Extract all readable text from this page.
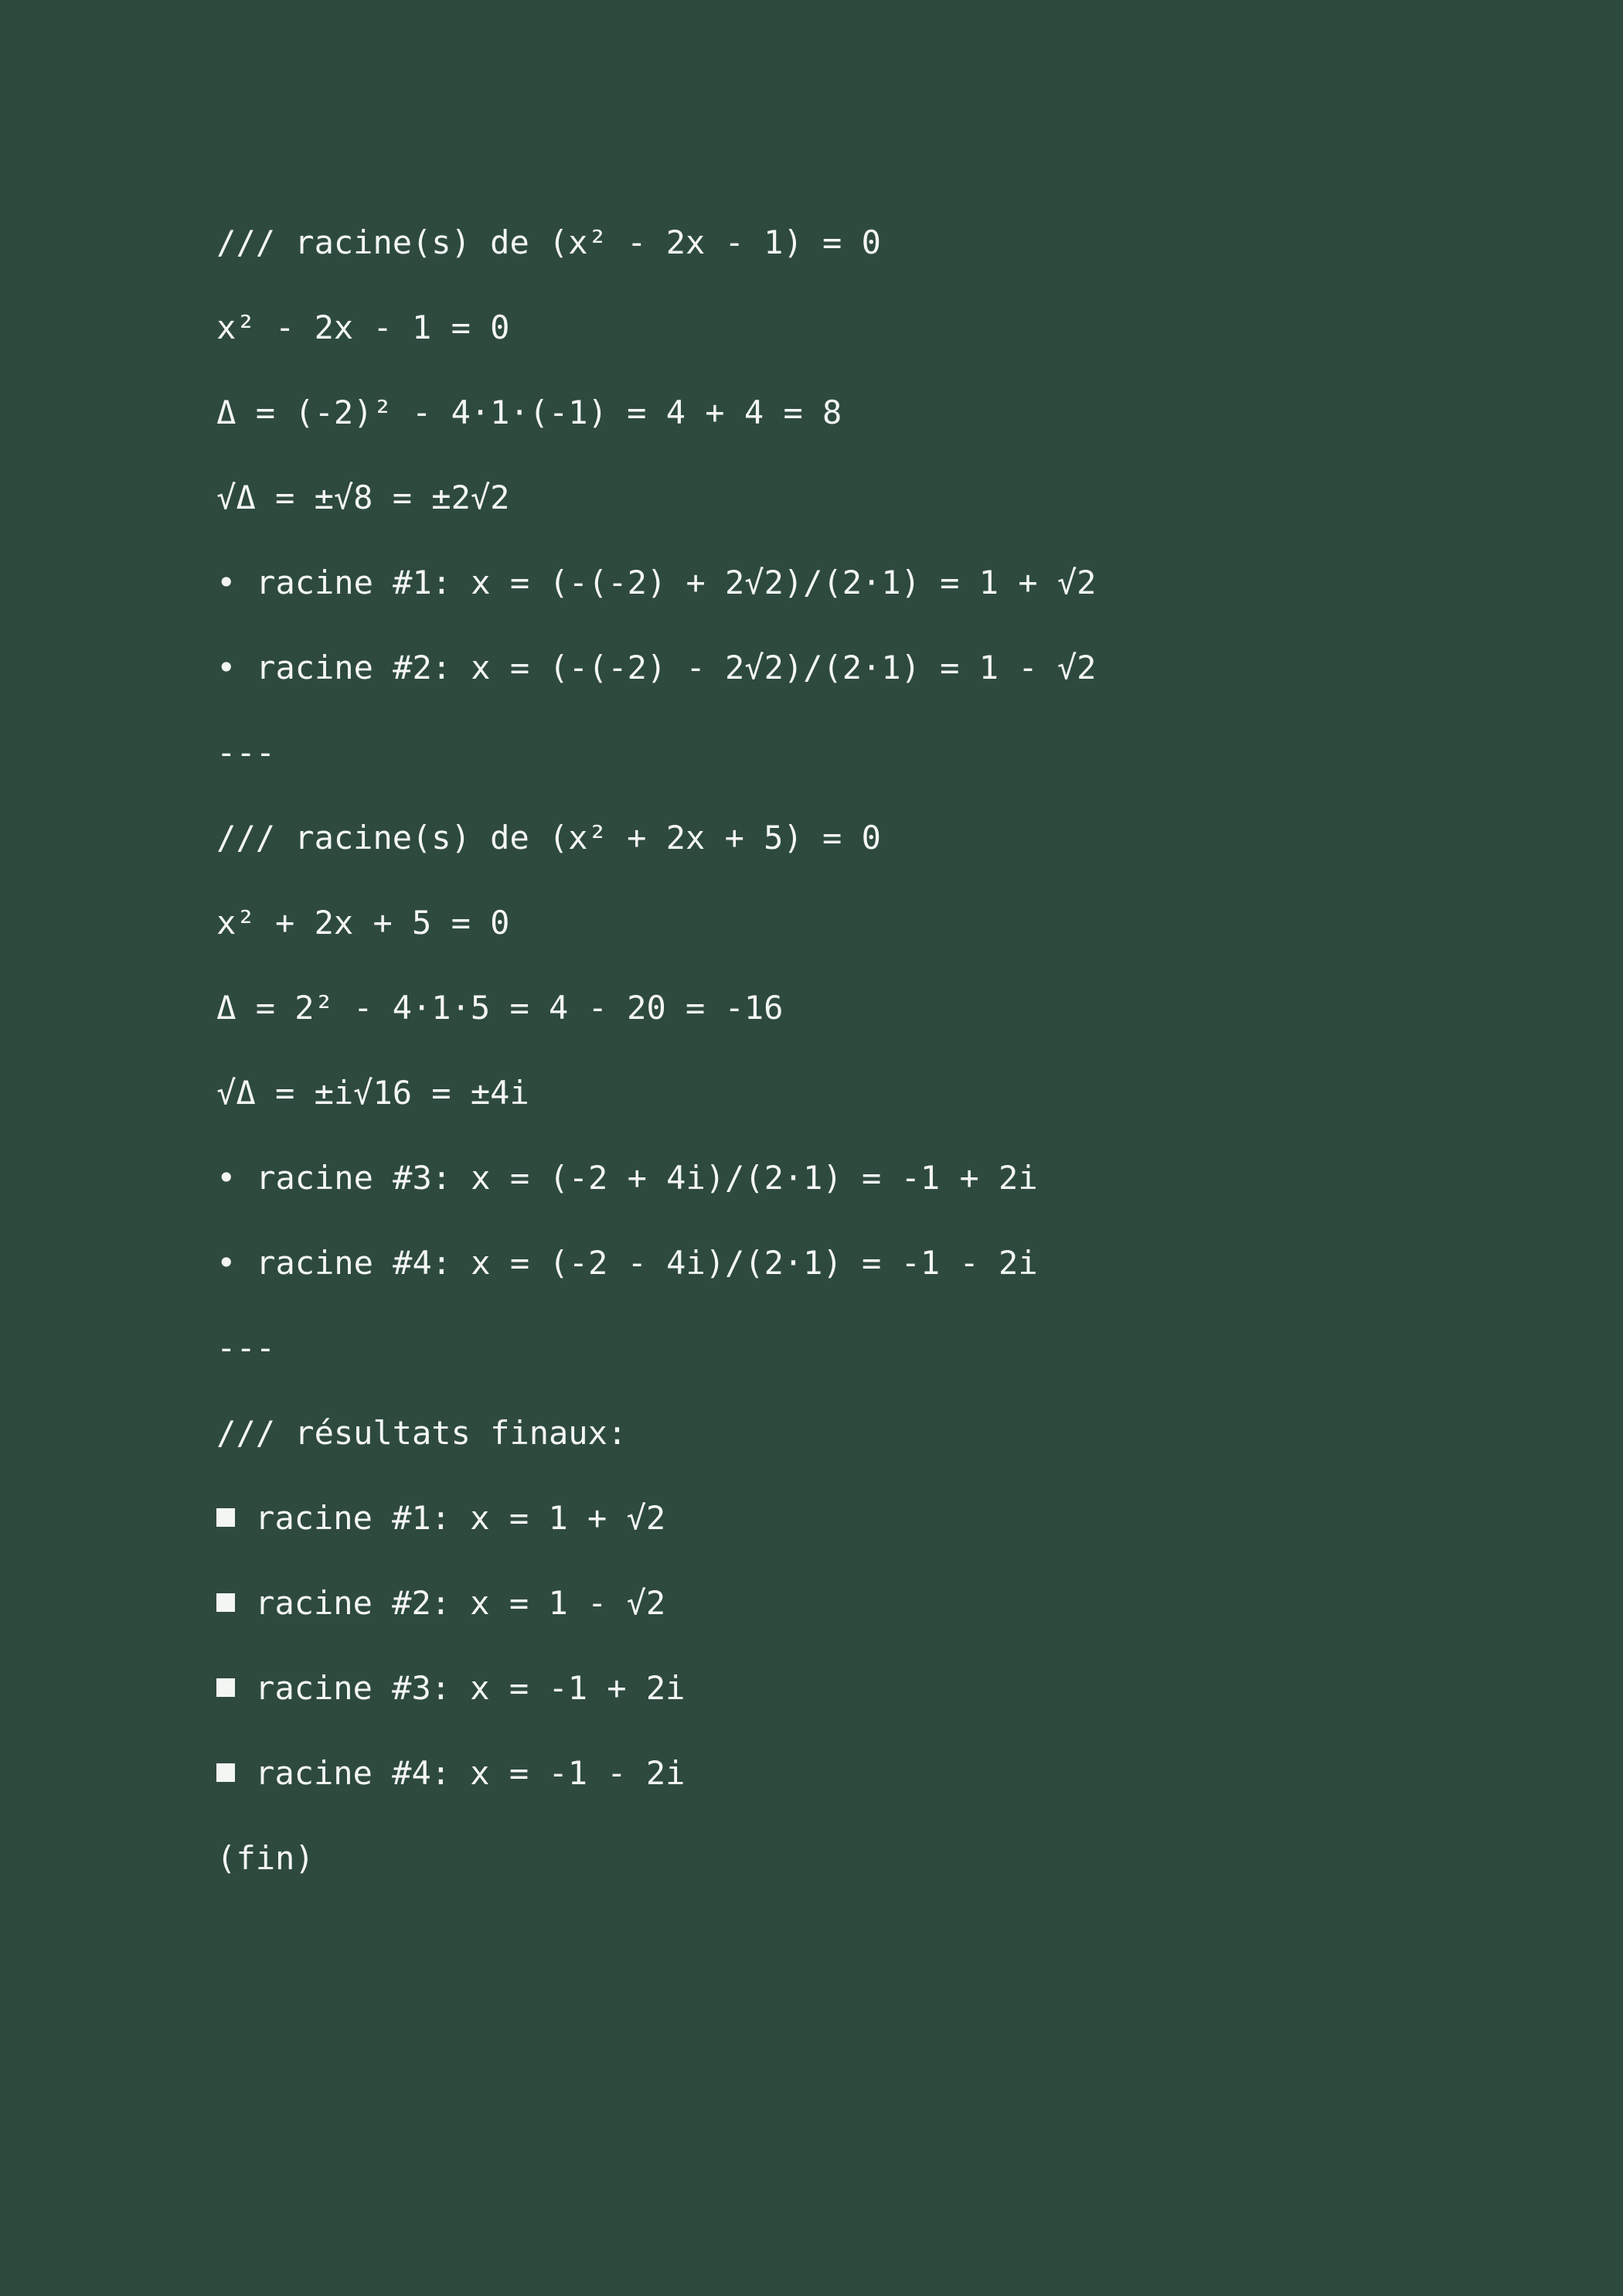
/// racine(s) de (x² - 2x - 1) = 0

x² - 2x - 1 = 0

Δ = (-2)² - 4·1·(-1) = 4 + 4 = 8

√Δ = ±√8 = ±2√2

• racine #1: x = (-(-2) + 2√2)/(2·1) = 1 + √2

• racine #2: x = (-(-2) - 2√2)/(2·1) = 1 - √2

---

/// racine(s) de (x² + 2x + 5) = 0

x² + 2x + 5 = 0

Δ = 2² - 4·1·5 = 4 - 20 = -16

√Δ = ±i√16 = ±4i

• racine #3: x = (-2 + 4i)/(2·1) = -1 + 2i

• racine #4: x = (-2 - 4i)/(2·1) = -1 - 2i

---

/// résultats finaux:

racine #1: x = 1 + √2

racine #2: x = 1 - √2

racine #3: x = -1 + 2i

racine #4: x = -1 - 2i

(fin)
